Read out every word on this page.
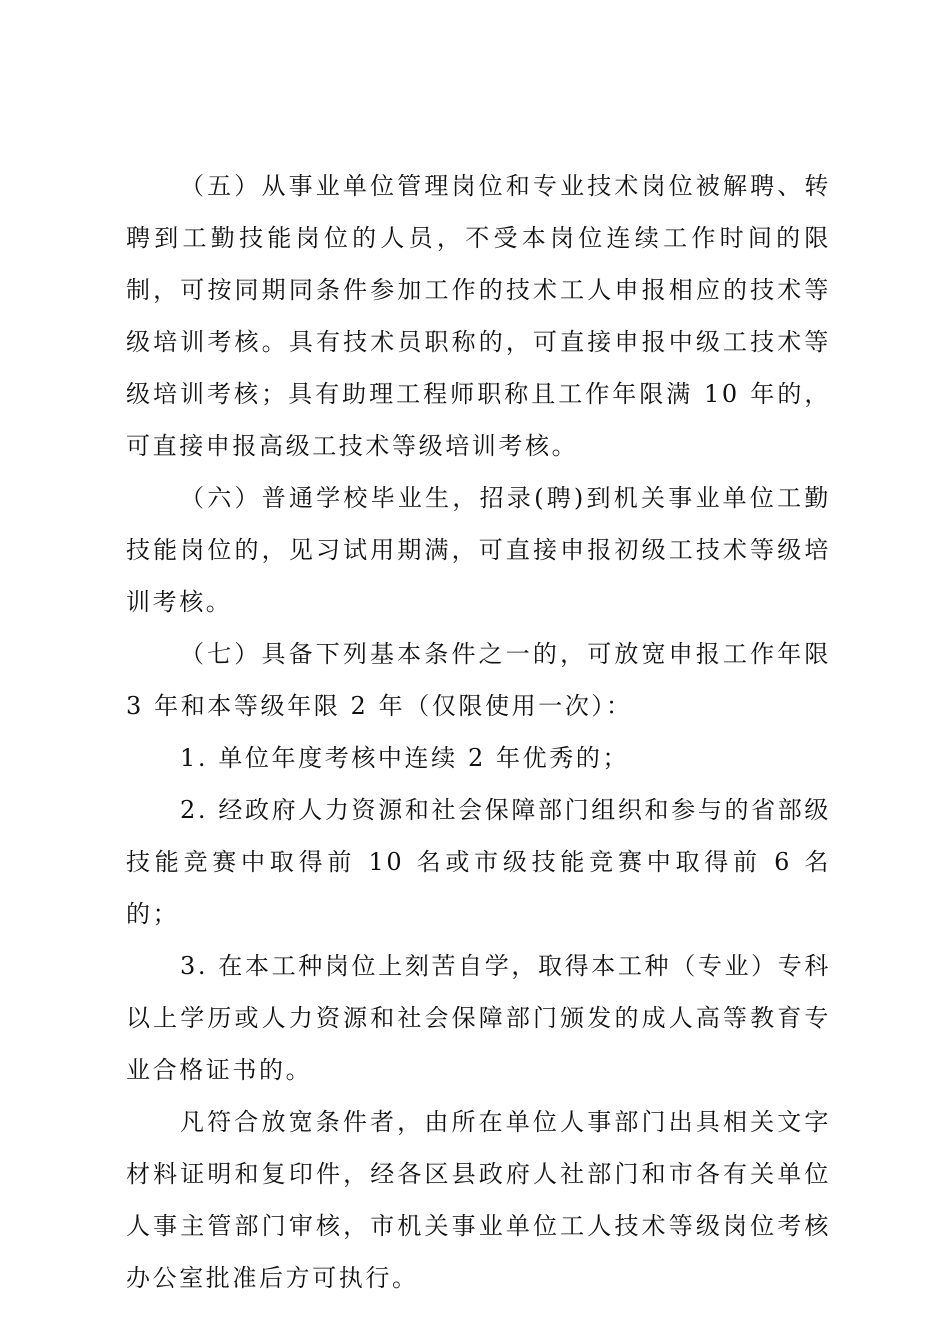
（五）从事业单位管理岗位和专业技术岗位被解聘、转聘到工勤技能岗位的人员，不受本岗位连续工作时间的限制，可按同期同条件参加工作的技术工人申报相应的技术等级培训考核。具有技术员职称的，可直接申报中级工技术等级培训考核；具有助理工程师职称且工作年限满 10 年的，可直接申报高级工技术等级培训考核。

（六）普通学校毕业生，招录(聘)到机关事业单位工勤技能岗位的，见习试用期满，可直接申报初级工技术等级培训考核。

（七）具备下列基本条件之一的，可放宽申报工作年限 3 年和本等级年限 2 年（仅限使用一次）：

1. 单位年度考核中连续 2 年优秀的；

2. 经政府人力资源和社会保障部门组织和参与的省部级技能竞赛中取得前 10 名或市级技能竞赛中取得前 6 名的；

3. 在本工种岗位上刻苦自学，取得本工种（专业）专科以上学历或人力资源和社会保障部门颁发的成人高等教育专业合格证书的。

凡符合放宽条件者，由所在单位人事部门出具相关文字材料证明和复印件，经各区县政府人社部门和市各有关单位人事主管部门审核，市机关事业单位工人技术等级岗位考核办公室批准后方可执行。
